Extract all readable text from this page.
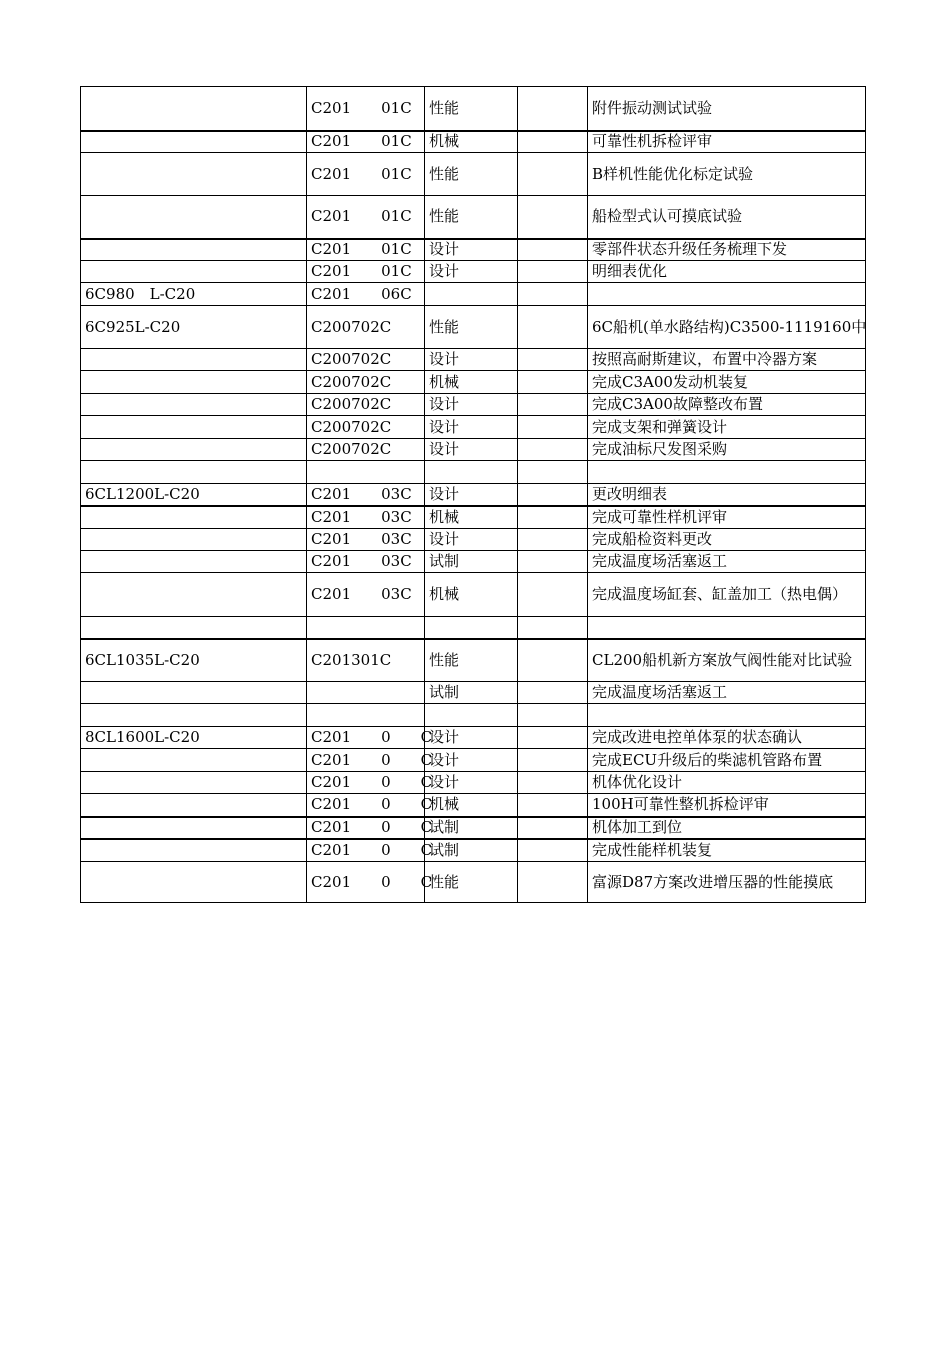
	C201　　01C	性能		附件振动测试试验
	C201　　01C	机械		可靠性机拆检评审
	C201　　01C	性能		B样机性能优化标定试验
	C201　　01C	性能		船检型式认可摸底试验
	C201　　01C	设计		零部件状态升级任务梳理下发
	C201　　01C	设计		明细表优化
6C980　L-C20	C201　　06C			
6C925L-C20	C200702C	性能		6C船机(单水路结构)C3500-1119160中
	C200702C	设计		按照高耐斯建议，布置中冷器方案
	C200702C	机械		完成C3A00发动机装复
	C200702C	设计		完成C3A00故障整改布置
	C200702C	设计		完成支架和弹簧设计
	C200702C	设计		完成油标尺发图采购

6CL1200L-C20	C201　　03C	设计		更改明细表
	C201　　03C	机械		完成可靠性样机评审
	C201　　03C	设计		完成船检资料更改
	C201　　03C	试制		完成温度场活塞返工
	C201　　03C	机械		完成温度场缸套、缸盖加工（热电偶）

6CL1035L-C20	C201301C	性能		CL200船机新方案放气阀性能对比试验
		试制		完成温度场活塞返工

8CL1600L-C20	C201　　0　　C	设计		完成改进电控单体泵的状态确认
	C201　　0　　C	设计		完成ECU升级后的柴滤机管路布置
	C201　　0　　C	设计		机体优化设计
	C201　　0　　C	机械		100H可靠性整机拆检评审
	C201　　0　　C	试制		机体加工到位
	C201　　0　　C	试制		完成性能样机装复
	C201　　0　　C	性能		富源D87方案改进增压器的性能摸底
